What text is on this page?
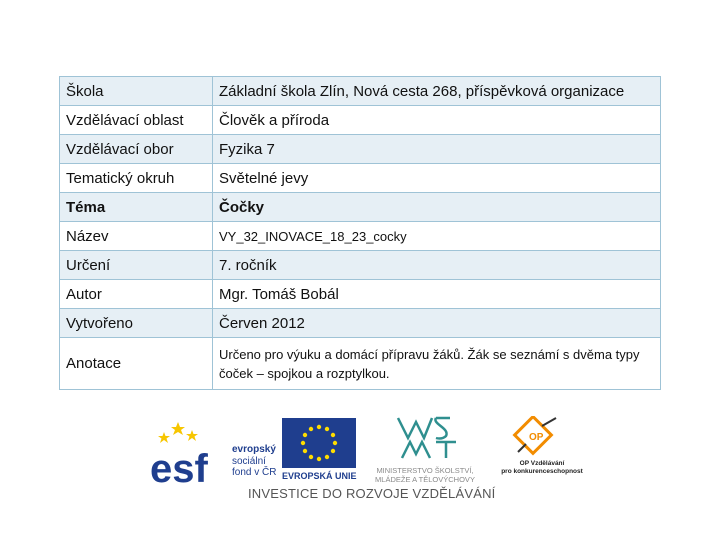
Škola	Základní škola Zlín, Nová cesta 268, příspěvková organizace
Vzdělávací oblast	Člověk a příroda
Vzdělávací obor	Fyzika 7
Tematický okruh	Světelné jevy
Téma	Čočky
Název	VY_32_INOVACE_18_23_cocky
Určení	7. ročník
Autor	Mgr. Tomáš Bobál
Vytvořeno	Červen 2012
Anotace	Určeno pro výuku a domácí přípravu žáků. Žák se seznámí s dvěma typy čoček – spojkou a rozptylkou.
esf evropský
sociální
fond v ČR EVROPSKÁ UNIE
MINISTERSTVO ŠKOLSTVÍ,
MLÁDEŽE A TĚLOVÝCHOVY
OP
OP Vzdělávání
pro konkurenceschopnost
INVESTICE DO ROZVOJE VZDĚLÁVÁNÍ
